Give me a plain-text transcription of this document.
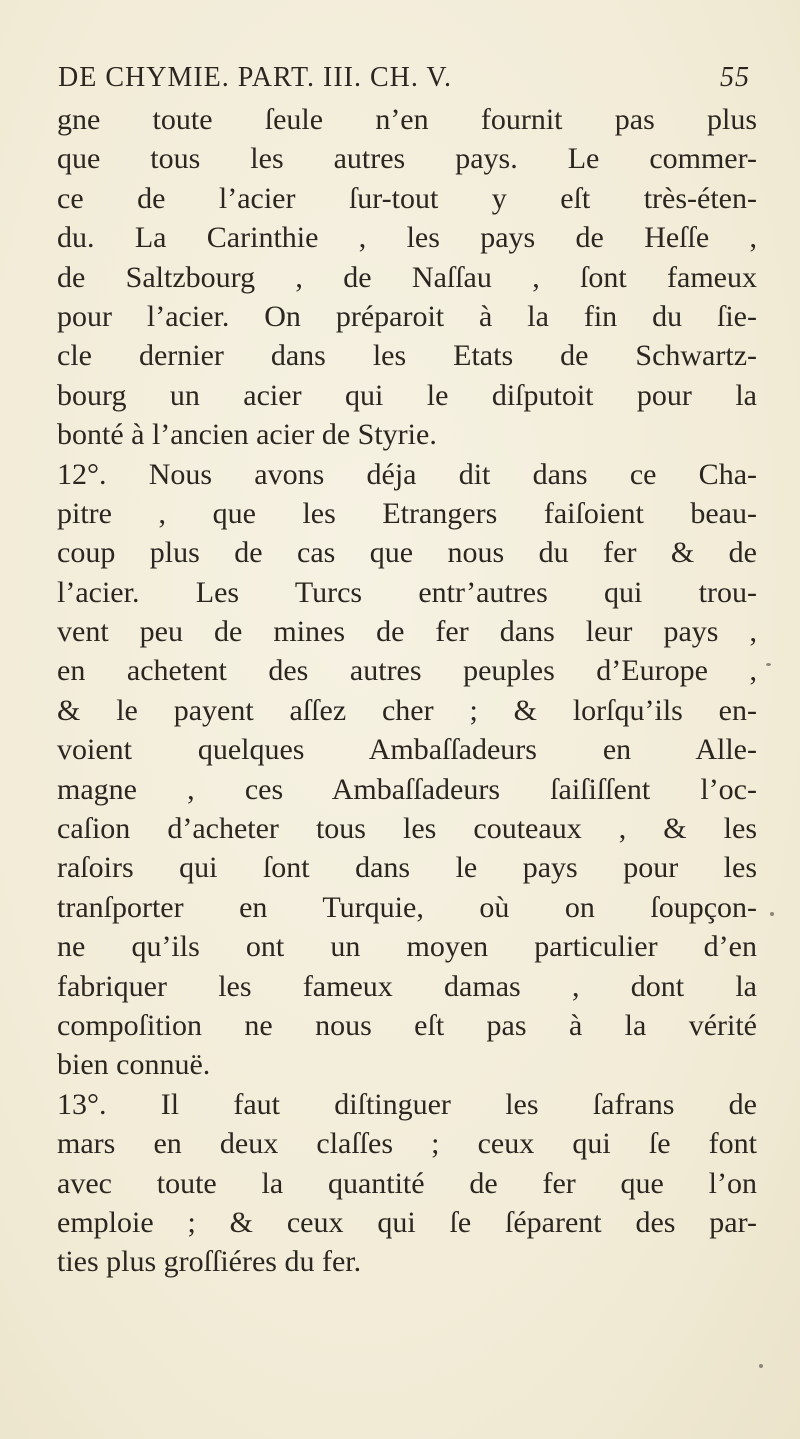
DE CHYMIE. PART. III. CH. V.	55
gne toute ſeule n’en fournit pas plus
que tous les autres pays. Le commer-
ce de l’acier ſur-tout y eſt très-éten-
du. La Carinthie , les pays de Heſſe ,
de Saltzbourg , de Naſſau , ſont fameux
pour l’acier. On préparoit à la fin du ſie-
cle dernier dans les Etats de Schwartz-
bourg un acier qui le diſputoit pour la
bonté à l’ancien acier de Styrie.
12°. Nous avons déja dit dans ce Cha-
pitre , que les Etrangers faiſoient beau-
coup plus de cas que nous du fer & de
l’acier. Les Turcs entr’autres qui trou-
vent peu de mines de fer dans leur pays ,
en achetent des autres peuples d’Europe ,
& le payent aſſez cher ; & lorſqu’ils en-
voient quelques Ambaſſadeurs en Alle-
magne , ces Ambaſſadeurs ſaiſiſſent l’oc-
caſion d’acheter tous les couteaux , & les
raſoirs qui ſont dans le pays pour les
tranſporter en Turquie, où on ſoupçon-
ne qu’ils ont un moyen particulier d’en
fabriquer les fameux damas , dont la
compoſition ne nous eſt pas à la vérité
bien connuë.
13°. Il faut diſtinguer les ſafrans de
mars en deux claſſes ; ceux qui ſe font
avec toute la quantité de fer que l’on
emploie ; & ceux qui ſe ſéparent des par-
ties plus groſſiéres du fer.
